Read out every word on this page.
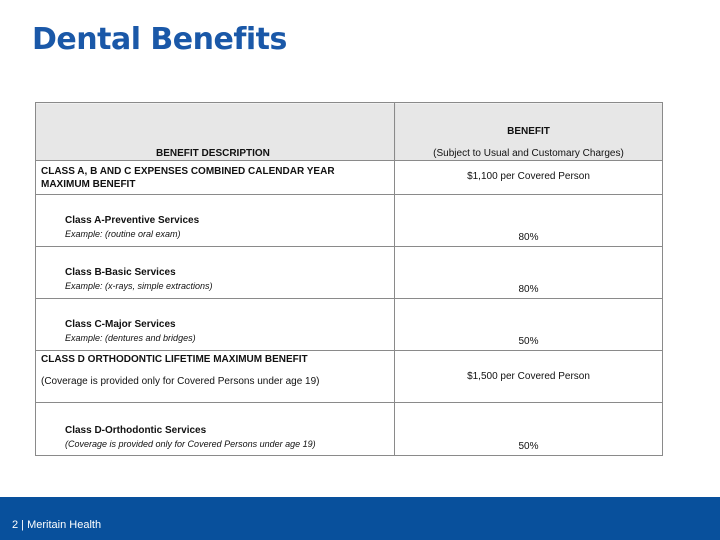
Dental Benefits
BENEFIT DESCRIPTION	BENEFIT
(Subject to Usual and Customary Charges)

CLASS A, B AND C EXPENSES COMBINED CALENDAR YEAR
MAXIMUM BENEFIT	$1,100 per Covered Person

Class A-Preventive Services
Example: (routine oral exam)	80%

Class B-Basic Services
Example: (x-rays, simple extractions)	80%

Class C-Major Services
Example: (dentures and bridges)	50%

CLASS D ORTHODONTIC LIFETIME MAXIMUM BENEFIT
(Coverage is provided only for Covered Persons under age 19)	$1,500 per Covered Person

Class D-Orthodontic Services
(Coverage is provided only for Covered Persons under age 19)	50%
2 | Meritain Health
